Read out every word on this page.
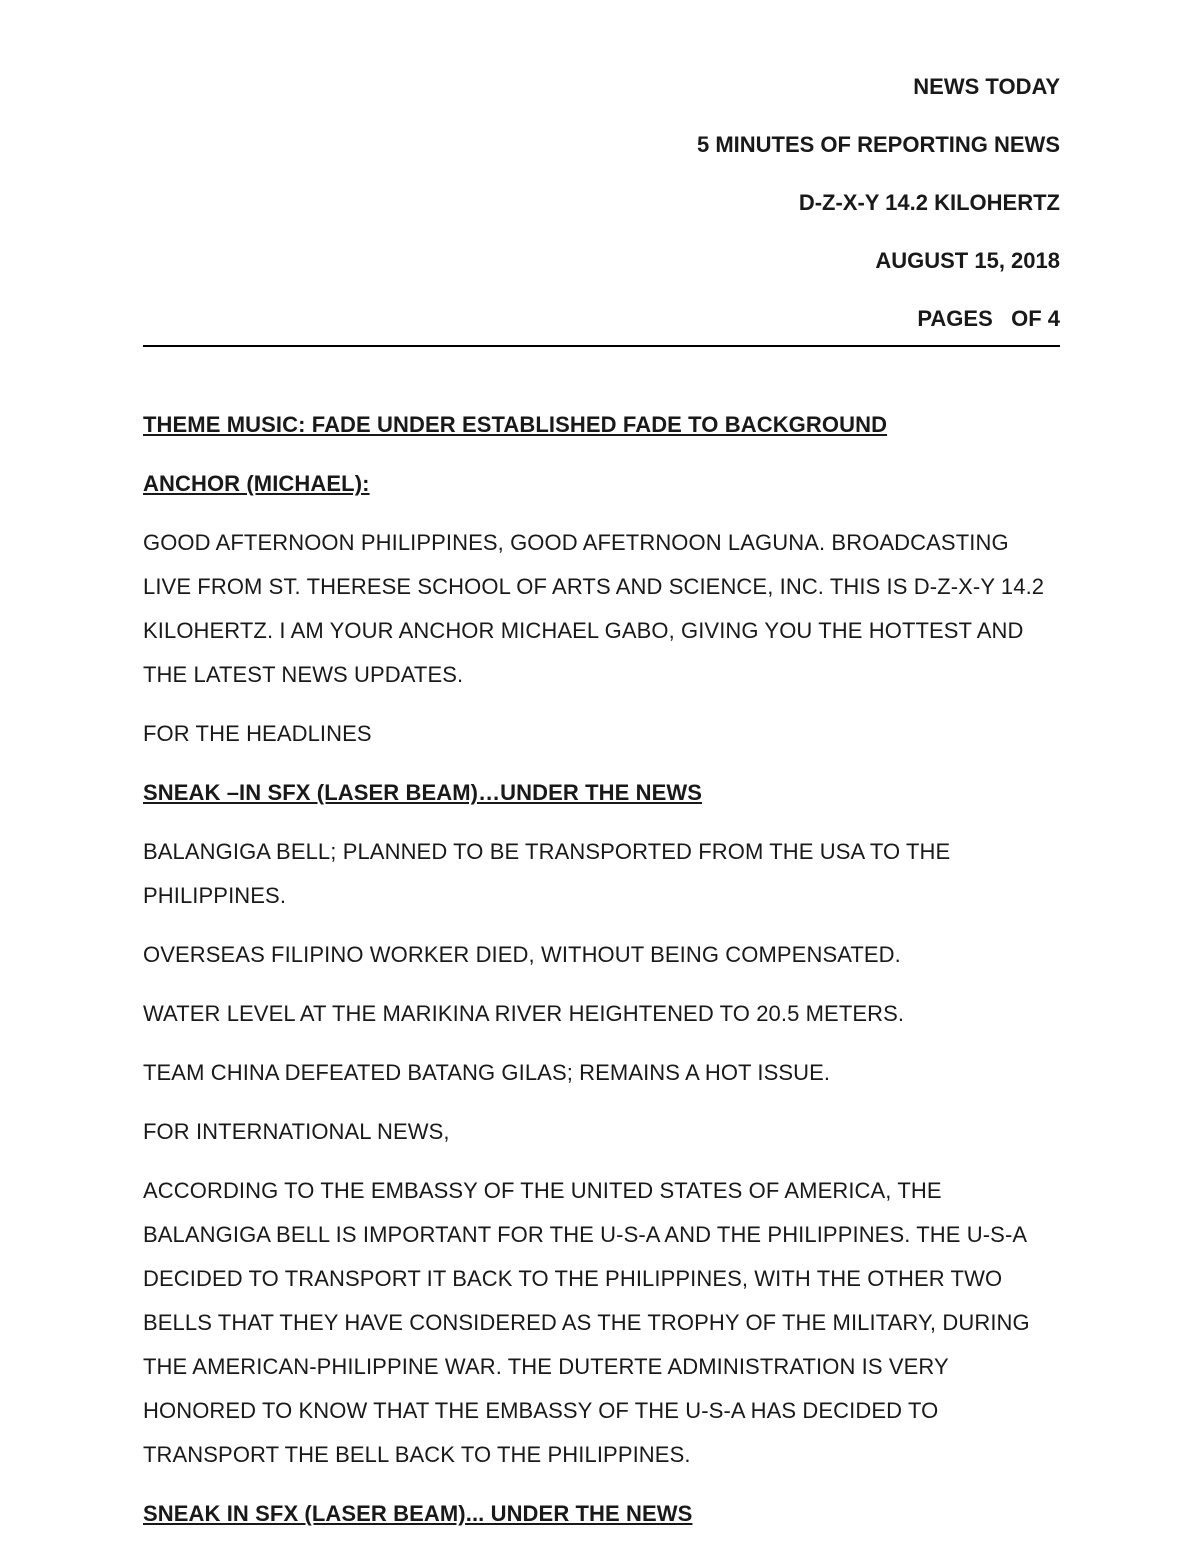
NEWS TODAY

5 MINUTES OF REPORTING NEWS

D-Z-X-Y 14.2 KILOHERTZ

AUGUST 15, 2018

PAGES   OF 4

THEME MUSIC: FADE UNDER ESTABLISHED FADE TO BACKGROUND

ANCHOR (MICHAEL):

GOOD AFTERNOON PHILIPPINES, GOOD AFETRNOON LAGUNA. BROADCASTING LIVE FROM ST. THERESE SCHOOL OF ARTS AND SCIENCE, INC. THIS IS D-Z-X-Y 14.2 KILOHERTZ. I AM YOUR ANCHOR MICHAEL GABO, GIVING YOU THE HOTTEST AND THE LATEST NEWS UPDATES.

FOR THE HEADLINES

SNEAK –IN SFX (LASER BEAM)…UNDER THE NEWS

BALANGIGA BELL; PLANNED TO BE TRANSPORTED FROM THE USA TO THE PHILIPPINES.

OVERSEAS FILIPINO WORKER DIED, WITHOUT BEING COMPENSATED.

WATER LEVEL AT THE MARIKINA RIVER HEIGHTENED TO 20.5 METERS.

TEAM CHINA DEFEATED BATANG GILAS; REMAINS A HOT ISSUE.

FOR INTERNATIONAL NEWS,

ACCORDING TO THE EMBASSY OF THE UNITED STATES OF AMERICA, THE BALANGIGA BELL IS IMPORTANT FOR THE U-S-A AND THE PHILIPPINES. THE U-S-A DECIDED TO TRANSPORT IT BACK TO THE PHILIPPINES, WITH THE OTHER TWO BELLS THAT THEY HAVE CONSIDERED AS THE TROPHY OF THE MILITARY, DURING THE AMERICAN-PHILIPPINE WAR. THE DUTERTE ADMINISTRATION IS VERY HONORED TO KNOW THAT THE EMBASSY OF THE U-S-A HAS DECIDED TO TRANSPORT THE BELL BACK TO THE PHILIPPINES.

SNEAK IN SFX (LASER BEAM)... UNDER THE NEWS
